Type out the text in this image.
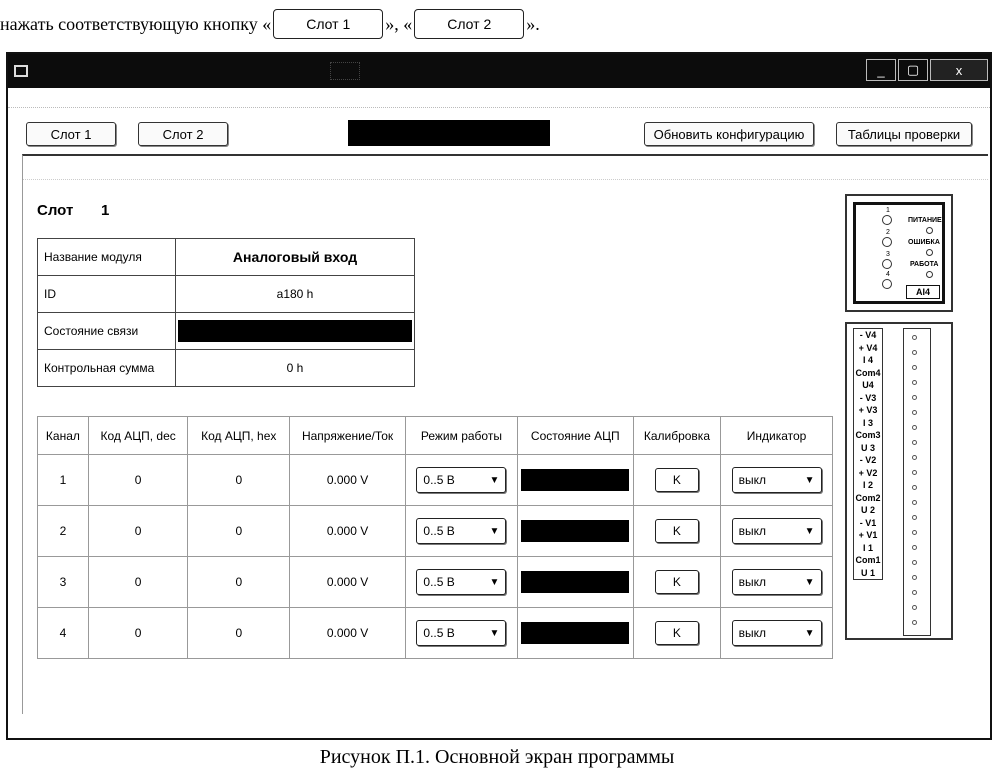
нажать соответствующую кнопку «	Слот 1	», «	Слот 2	».
_	▢	x
Слот 1	Слот 2	Обновить конфигурацию	Таблицы проверки
Слот 1
Название модуля	Аналоговый вход
ID	a180 h
Состояние связи	

Контрольная сумма	0 h
Канал	Код АЦП, dec	Код АЦП, hex	Напряжение/Ток	Режим работы	Состояние АЦП	Калибровка	Индикатор
1	0	0	0.000 V	0..5 В ▼		K	выкл ▼

2	0	0	0.000 V	0..5 В ▼		K	выкл ▼

3	0	0	0.000 V	0..5 В ▼		K	выкл ▼

4	0	0	0.000 V	0..5 В ▼		K	выкл ▼
1
2
3
4
ПИТАНИЕ
ОШИБКА
РАБОТА
AI4
- V4
+ V4
I 4
Com4
U4
- V3
+ V3
I 3
Com3
U 3
- V2
+ V2
I 2
Com2
U 2
- V1
+ V1
I 1
Com1
U 1
Рисунок П.1. Основной экран программы
